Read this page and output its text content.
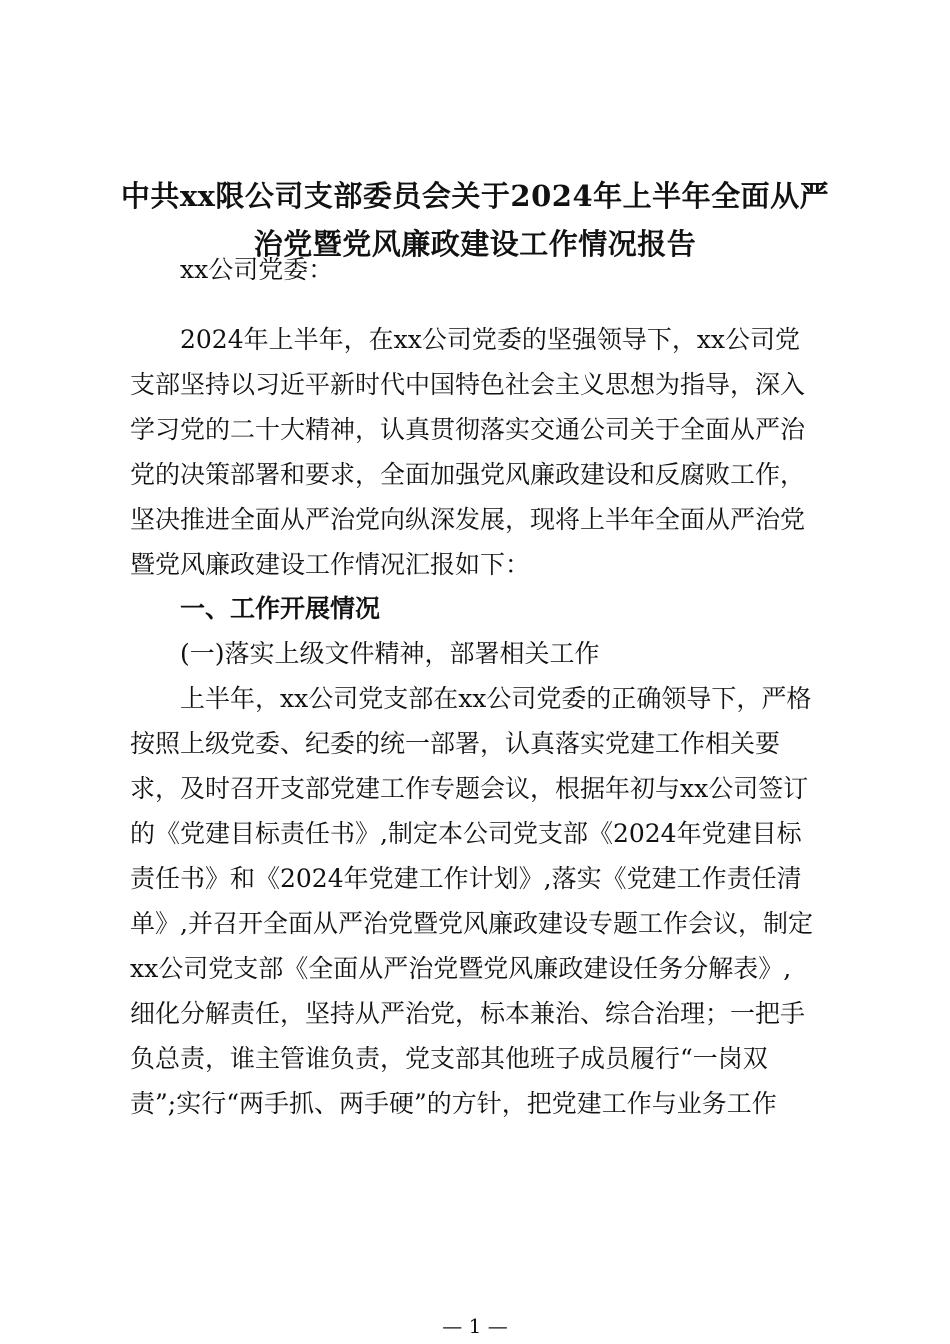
中共xx限公司支部委员会关于2024年上半年全面从严
治党暨党风廉政建设工作情况报告

xx公司党委：

2024年上半年，在xx公司党委的坚强领导下，xx公司党

支部坚持以习近平新时代中国特色社会主义思想为指导，深入

学习党的二十大精神，认真贯彻落实交通公司关于全面从严治

党的决策部署和要求，全面加强党风廉政建设和反腐败工作，

坚决推进全面从严治党向纵深发展，现将上半年全面从严治党

暨党风廉政建设工作情况汇报如下：

一、工作开展情况

(一)落实上级文件精神，部署相关工作

上半年，xx公司党支部在xx公司党委的正确领导下，严格

按照上级党委、纪委的统一部署，认真落实党建工作相关要

求，及时召开支部党建工作专题会议，根据年初与xx公司签订

的《党建目标责任书》,制定本公司党支部《2024年党建目标

责任书》和《2024年党建工作计划》,落实《党建工作责任清

单》,并召开全面从严治党暨党风廉政建设专题工作会议，制定

xx公司党支部《全面从严治党暨党风廉政建设任务分解表》,

细化分解责任，坚持从严治党，标本兼治、综合治理；一把手

负总责，谁主管谁负责，党支部其他班子成员履行“一岗双

责”;实行“两手抓、两手硬”的方针，把党建工作与业务工作

— 1 —
